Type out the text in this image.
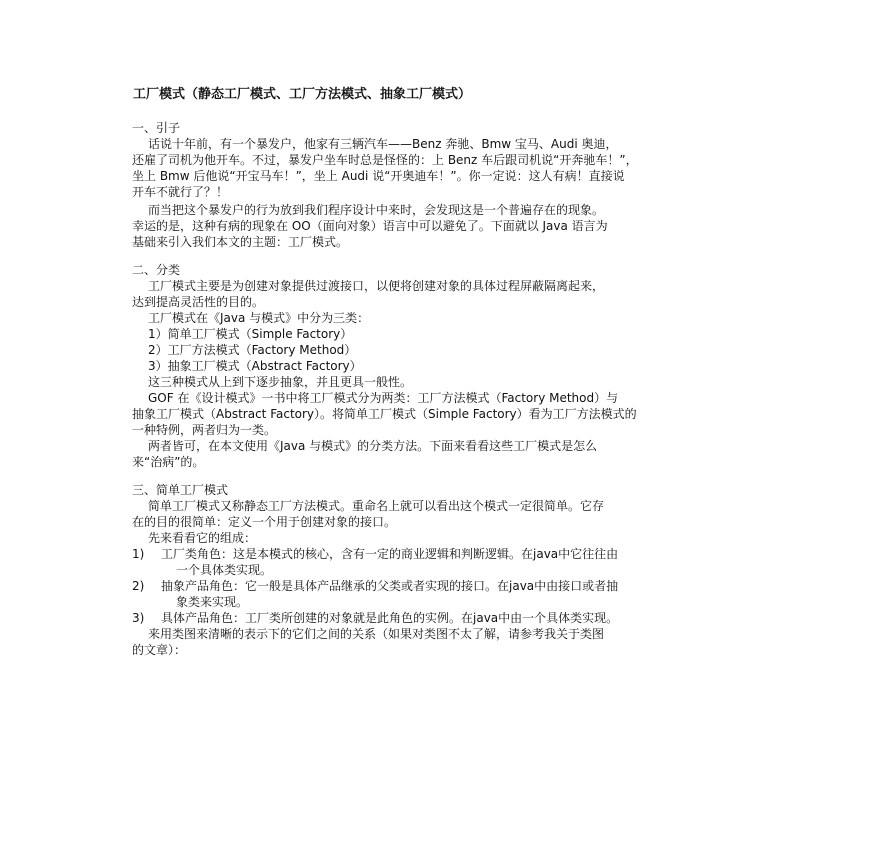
工厂模式（静态工厂模式、工厂方法模式、抽象工厂模式）
一、引子
话说十年前，有一个暴发户，他家有三辆汽车——Benz 奔驰、Bmw 宝马、Audi 奥迪，
还雇了司机为他开车。不过，暴发户坐车时总是怪怪的：上 Benz 车后跟司机说“开奔驰车！”，
坐上 Bmw 后他说“开宝马车！”，坐上 Audi 说“开奥迪车！”。你一定说：这人有病！直接说
开车不就行了？！
而当把这个暴发户的行为放到我们程序设计中来时，会发现这是一个普遍存在的现象。
幸运的是，这种有病的现象在 OO（面向对象）语言中可以避免了。下面就以 Java 语言为
基础来引入我们本文的主题：工厂模式。
二、分类
工厂模式主要是为创建对象提供过渡接口，以便将创建对象的具体过程屏蔽隔离起来，
达到提高灵活性的目的。
工厂模式在《Java 与模式》中分为三类：
1）简单工厂模式（Simple Factory）
2）工厂方法模式（Factory Method）
3）抽象工厂模式（Abstract Factory）
这三种模式从上到下逐步抽象，并且更具一般性。
GOF 在《设计模式》一书中将工厂模式分为两类：工厂方法模式（Factory Method）与
抽象工厂模式（Abstract Factory）。将简单工厂模式（Simple Factory）看为工厂方法模式的
一种特例，两者归为一类。
两者皆可，在本文使用《Java 与模式》的分类方法。下面来看看这些工厂模式是怎么
来“治病”的。
三、简单工厂模式
简单工厂模式又称静态工厂方法模式。重命名上就可以看出这个模式一定很简单。它存
在的目的很简单：定义一个用于创建对象的接口。
先来看看它的组成：
1) 工厂类角色：这是本模式的核心，含有一定的商业逻辑和判断逻辑。在java中它往往由
一个具体类实现。
2) 抽象产品角色：它一般是具体产品继承的父类或者实现的接口。在java中由接口或者抽
象类来实现。
3) 具体产品角色：工厂类所创建的对象就是此角色的实例。在java中由一个具体类实现。
来用类图来清晰的表示下的它们之间的关系（如果对类图不太了解，请参考我关于类图
的文章）：
